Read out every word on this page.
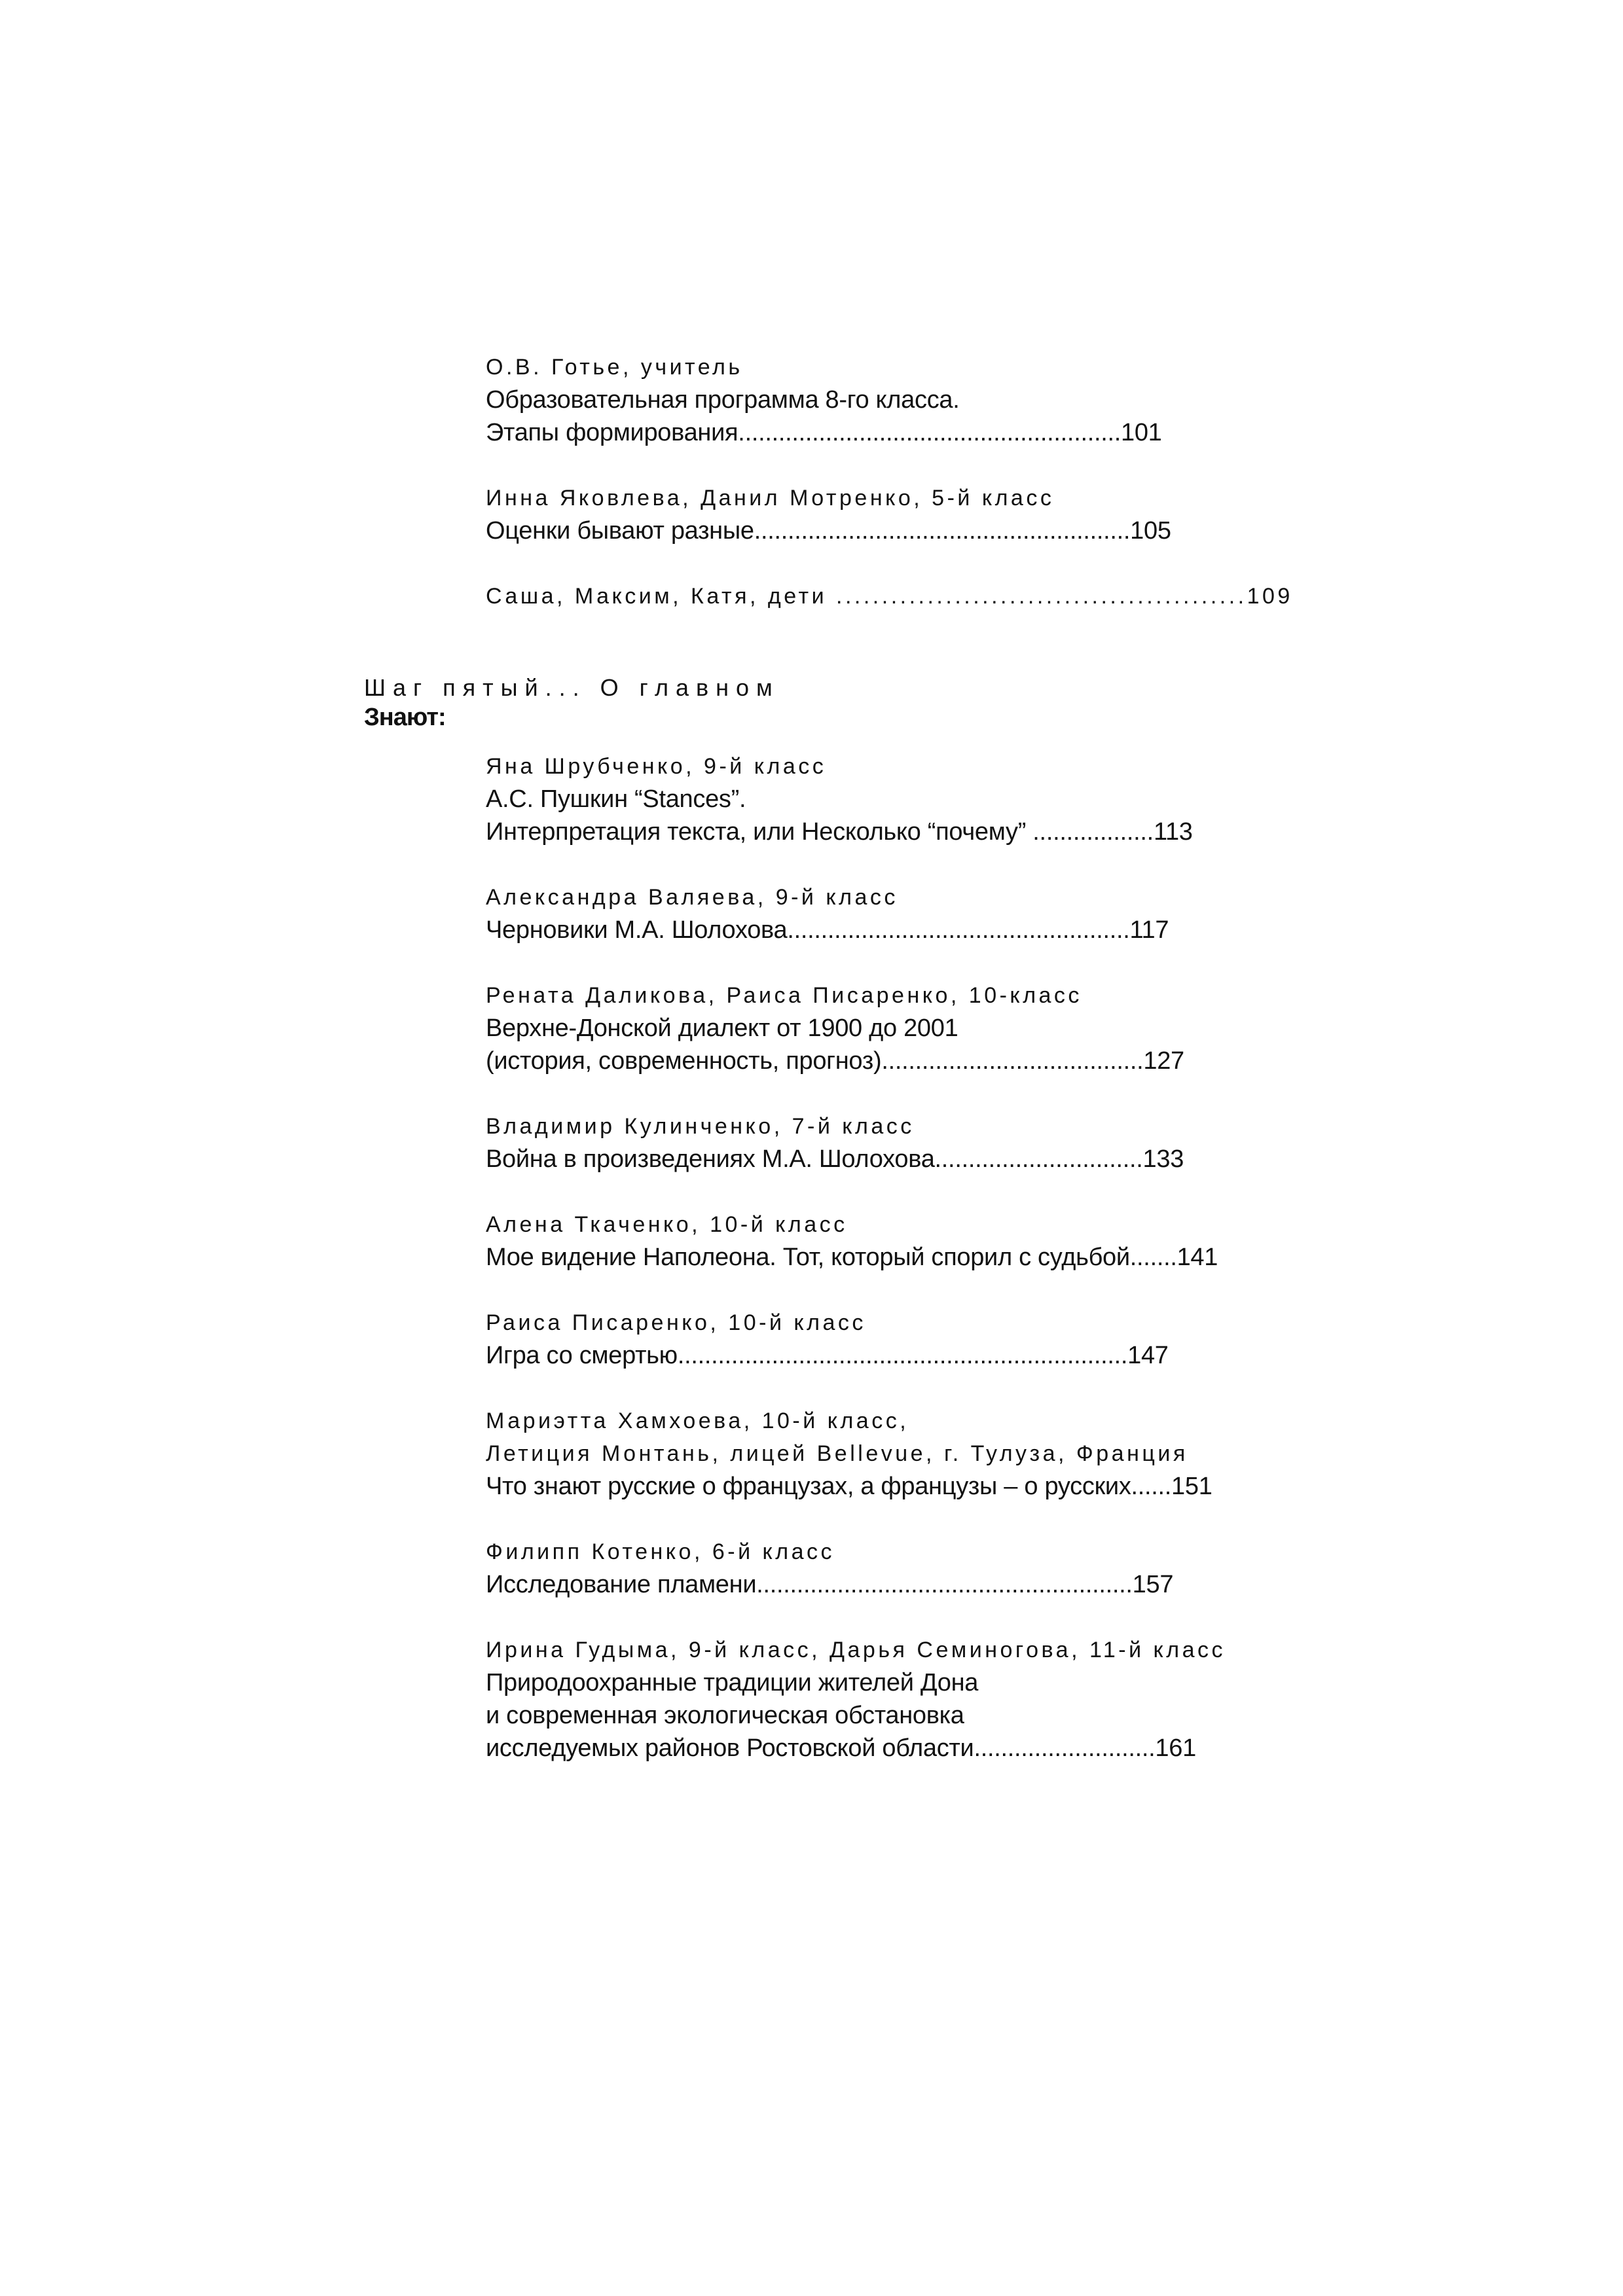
О.В. Готье, учитель
Образовательная программа 8-го класса.
Этапы формирования.........................................................101
Инна Яковлева, Данил Мотренко, 5-й класс
Оценки бывают разные........................................................105
Саша, Максим, Катя, дети .............................................109
Шаг пятый... О главном
Знают:
Яна Шрубченко, 9-й класс
А.С. Пушкин “Stances”.
Интерпретация текста, или Несколько “почему” ..................113
Александра Валяева, 9-й класс
Черновики М.А. Шолохова...................................................117
Рената Даликова, Раиса Писаренко, 10-класс
Верхне-Донской диалект от 1900 до 2001
(история, современность, прогноз).......................................127
Владимир Кулинченко, 7-й класс
Война в произведениях М.А. Шолохова...............................133
Алена Ткаченко, 10-й класс
Мое видение Наполеона. Тот, который спорил с судьбой.......141
Раиса Писаренко, 10-й класс
Игра со смертью...................................................................147
Мариэтта Хамхоева, 10-й класс,
Летиция Монтань, лицей Bellevue, г. Тулуза, Франция
Что знают русские о французах, а французы – о русских......151
Филипп Котенко, 6-й класс
Исследование пламени........................................................157
Ирина Гудыма, 9-й класс, Дарья Семиногова, 11-й класс
Природоохранные традиции жителей Дона
и современная экологическая обстановка
исследуемых районов Ростовской области...........................161
